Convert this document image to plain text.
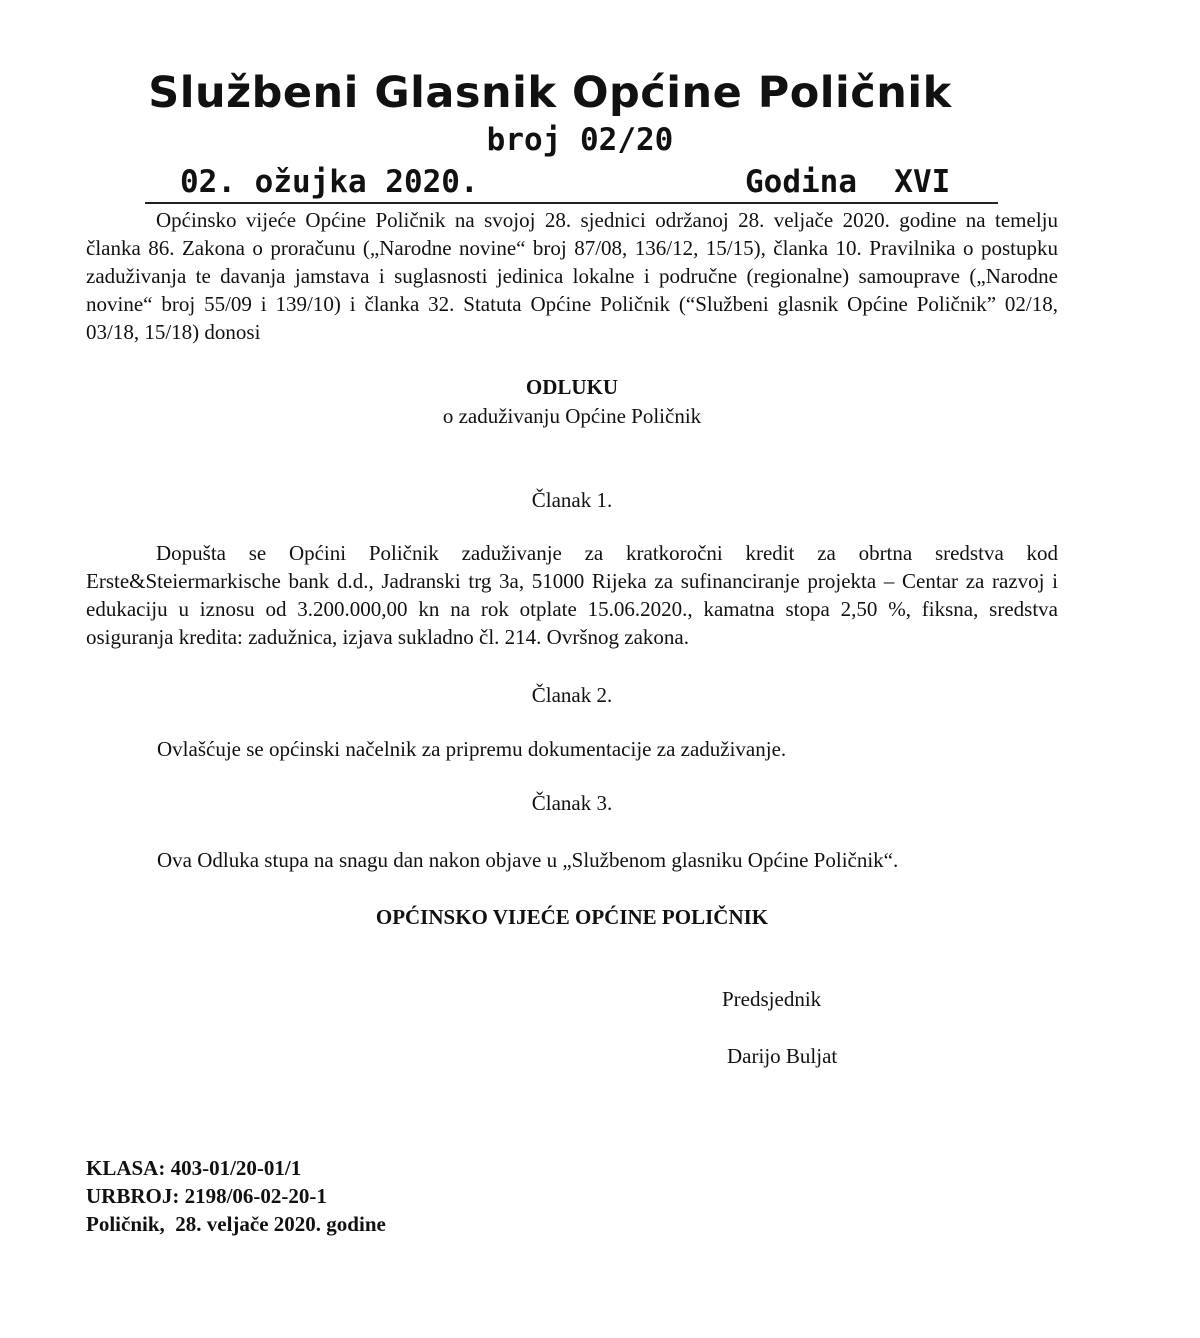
Službeni Glasnik Općine Poličnik
broj 02/20
02. ožujka 2020.	Godina  XVI

Općinsko vijeće Općine Poličnik na svojoj 28. sjednici održanoj 28. veljače 2020. godine na temelju članka 86. Zakona o proračunu („Narodne novine“ broj 87/08, 136/12, 15/15), članka 10. Pravilnika o postupku zaduživanja te davanja jamstava i suglasnosti jedinica lokalne i područne (regionalne) samouprave („Narodne novine“ broj 55/09 i 139/10) i članka 32. Statuta Općine Poličnik (“Službeni glasnik Općine Poličnik” 02/18, 03/18, 15/18) donosi

ODLUKU

o zaduživanju Općine Poličnik

Članak 1.

Dopušta se Općini Poličnik zaduživanje za kratkoročni kredit za obrtna sredstva kod Erste&Steiermarkische bank d.d., Jadranski trg 3a, 51000 Rijeka za sufinanciranje projekta – Centar za razvoj i edukaciju u iznosu od 3.200.000,00 kn na rok otplate 15.06.2020., kamatna stopa 2,50 %, fiksna, sredstva osiguranja kredita: zadužnica, izjava sukladno čl. 214. Ovršnog zakona.

Članak 2.

Ovlašćuje se općinski načelnik za pripremu dokumentacije za zaduživanje.

Članak 3.

Ova Odluka stupa na snagu dan nakon objave u „Službenom glasniku Općine Poličnik“.

OPĆINSKO VIJEĆE OPĆINE POLIČNIK

Predsjednik

Darijo Buljat

KLASA: 403-01/20-01/1

URBROJ: 2198/06-02-20-1

Poličnik,  28. veljače 2020. godine
